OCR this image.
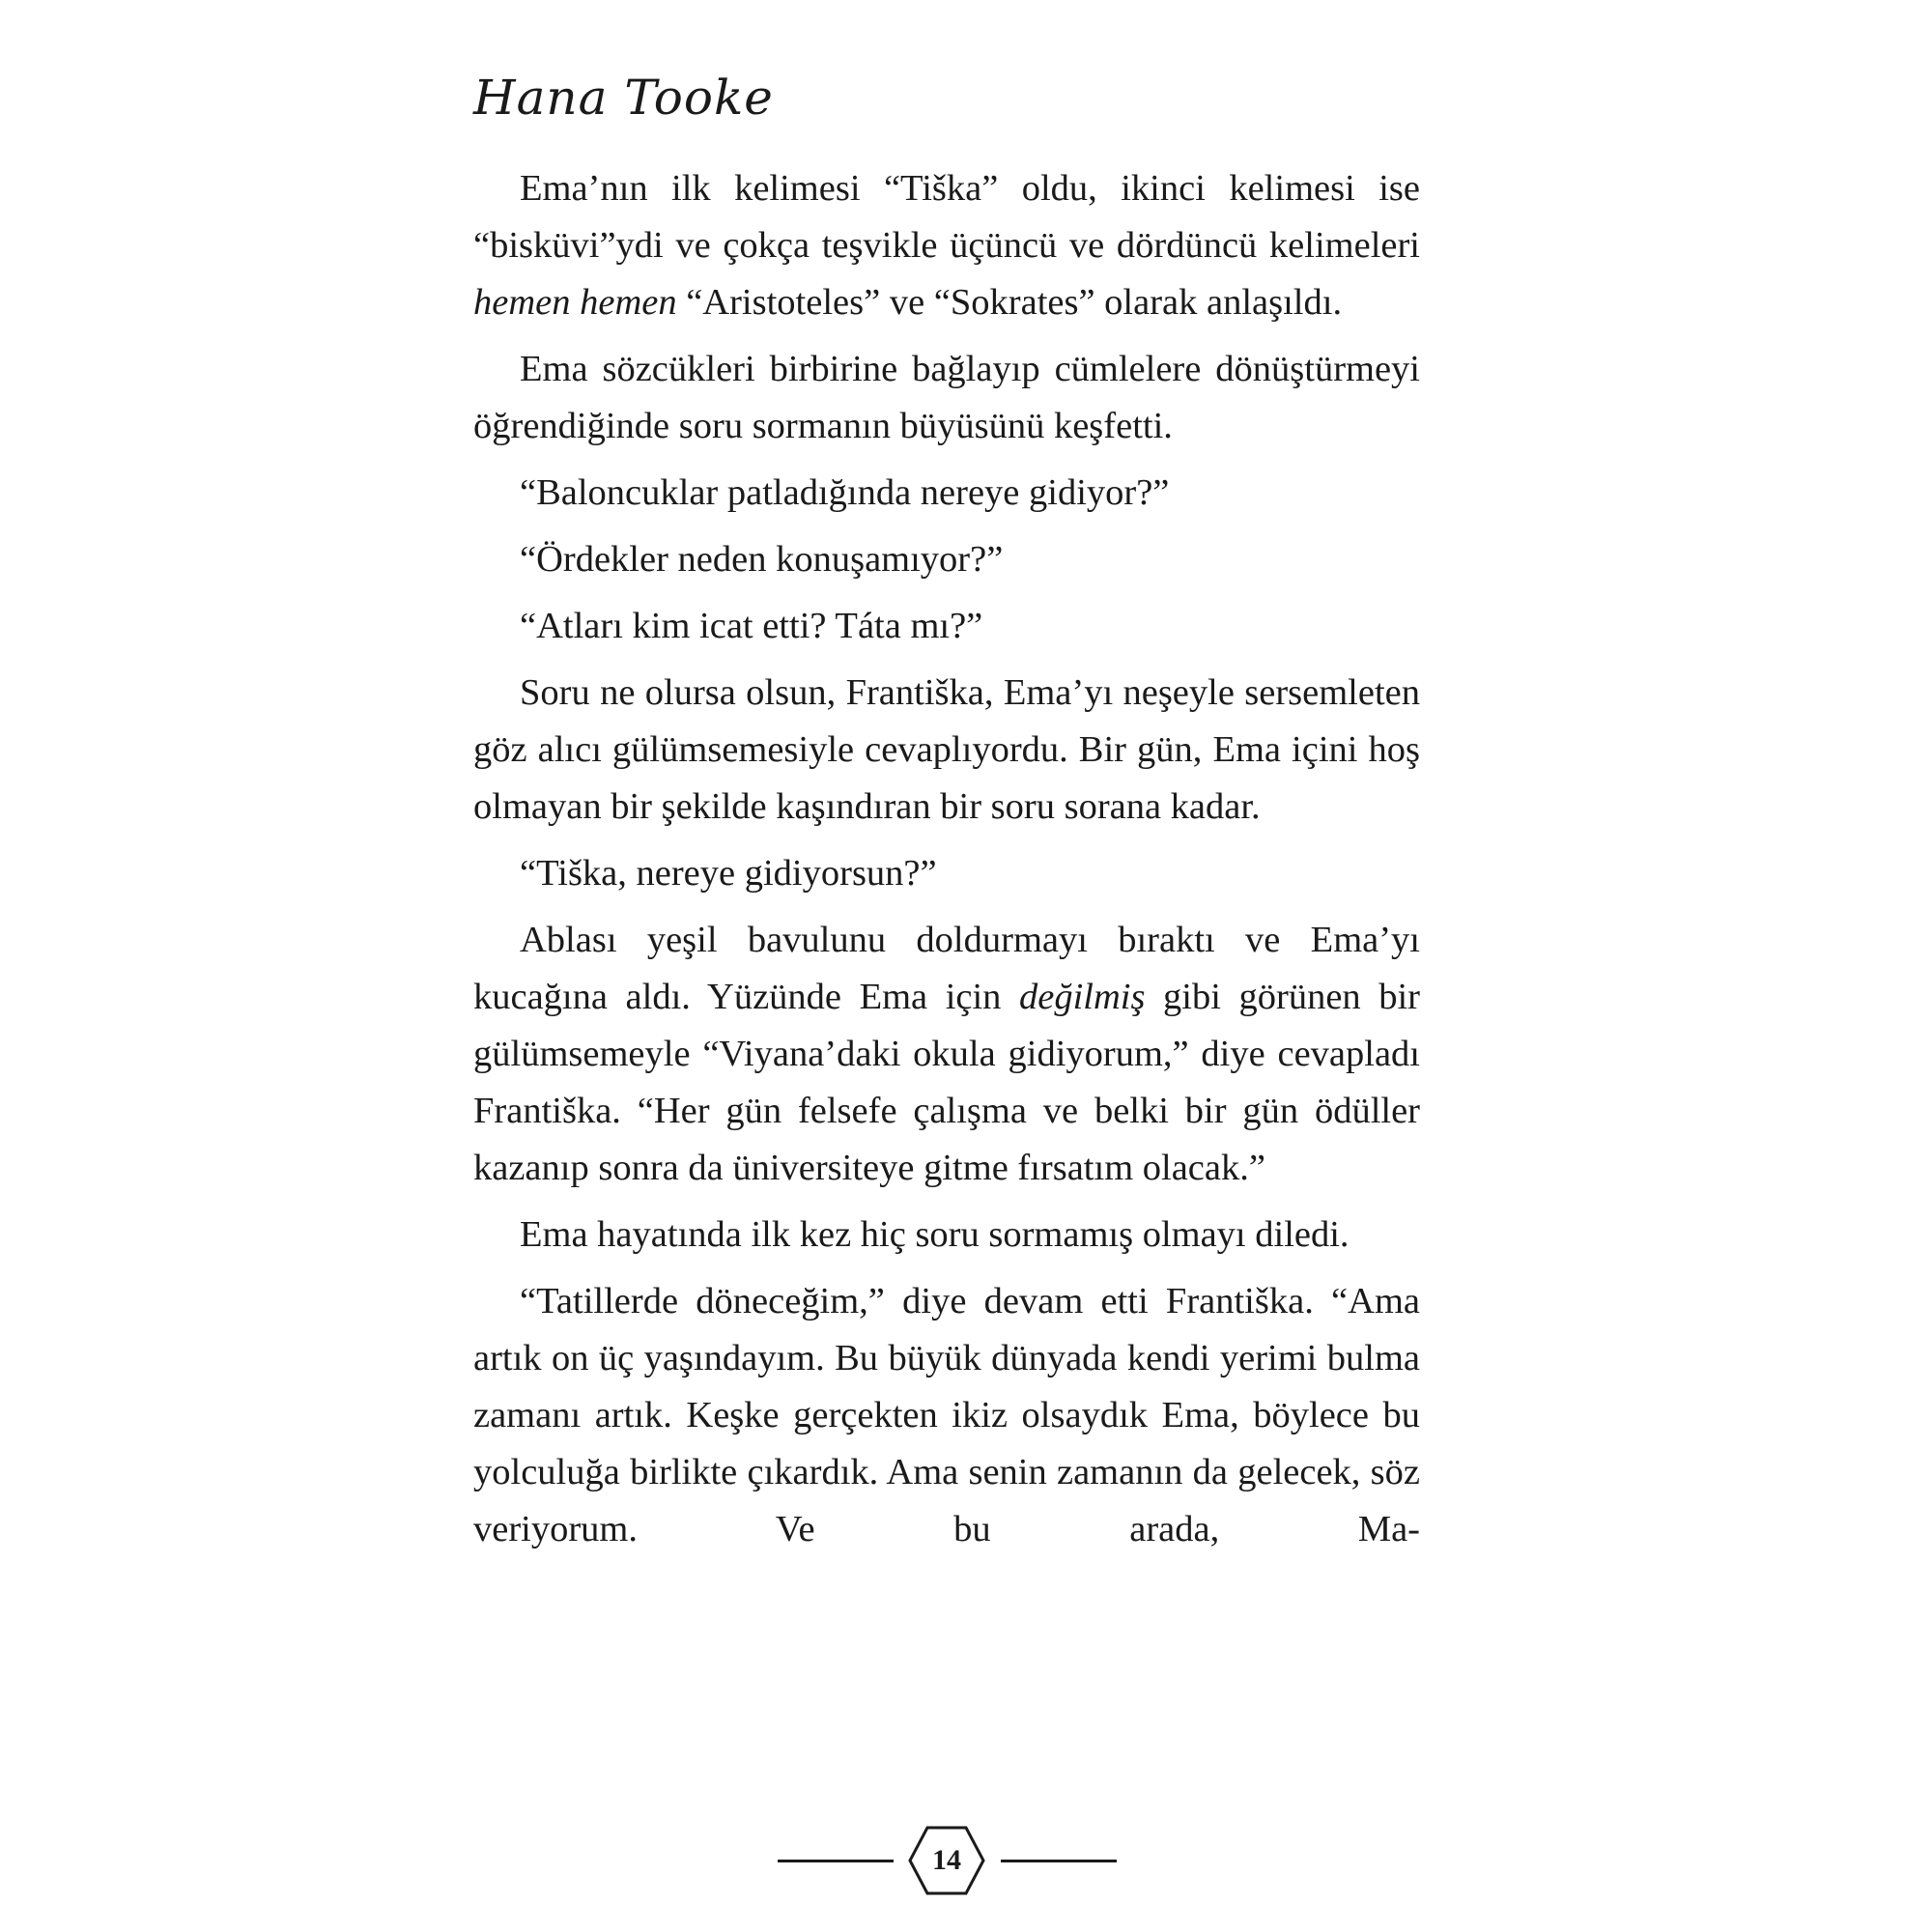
Hana Tooke

Ema’nın ilk kelimesi “Tiška” oldu, ikinci kelimesi ise “bisküvi”ydi ve çokça teşvikle üçüncü ve dördüncü kelimeleri hemen hemen “Aristoteles” ve “Sokrates” olarak anlaşıldı.

Ema sözcükleri birbirine bağlayıp cümlelere dönüştürmeyi öğrendiğinde soru sormanın büyüsünü keşfetti.

“Baloncuklar patladığında nereye gidiyor?”

“Ördekler neden konuşamıyor?”

“Atları kim icat etti? Táta mı?”

Soru ne olursa olsun, Františka, Ema’yı neşeyle sersemleten göz alıcı gülümsemesiyle cevaplıyordu. Bir gün, Ema içini hoş olmayan bir şekilde kaşındıran bir soru sorana kadar.

“Tiška, nereye gidiyorsun?”

Ablası yeşil bavulunu doldurmayı bıraktı ve Ema’yı kucağına aldı. Yüzünde Ema için değilmiş gibi görünen bir gülümsemeyle “Viyana’daki okula gidiyorum,” diye cevapladı Františka. “Her gün felsefe çalışma ve belki bir gün ödüller kazanıp sonra da üniversiteye gitme fırsatım olacak.”

Ema hayatında ilk kez hiç soru sormamış olmayı diledi.

“Tatillerde döneceğim,” diye devam etti Františka. “Ama artık on üç yaşındayım. Bu büyük dünyada kendi yerimi bulma zamanı artık. Keşke gerçekten ikiz olsaydık Ema, böylece bu yolculuğa birlikte çıkardık. Ama senin zamanın da gelecek, söz veriyorum. Ve bu arada, Ma-

14
